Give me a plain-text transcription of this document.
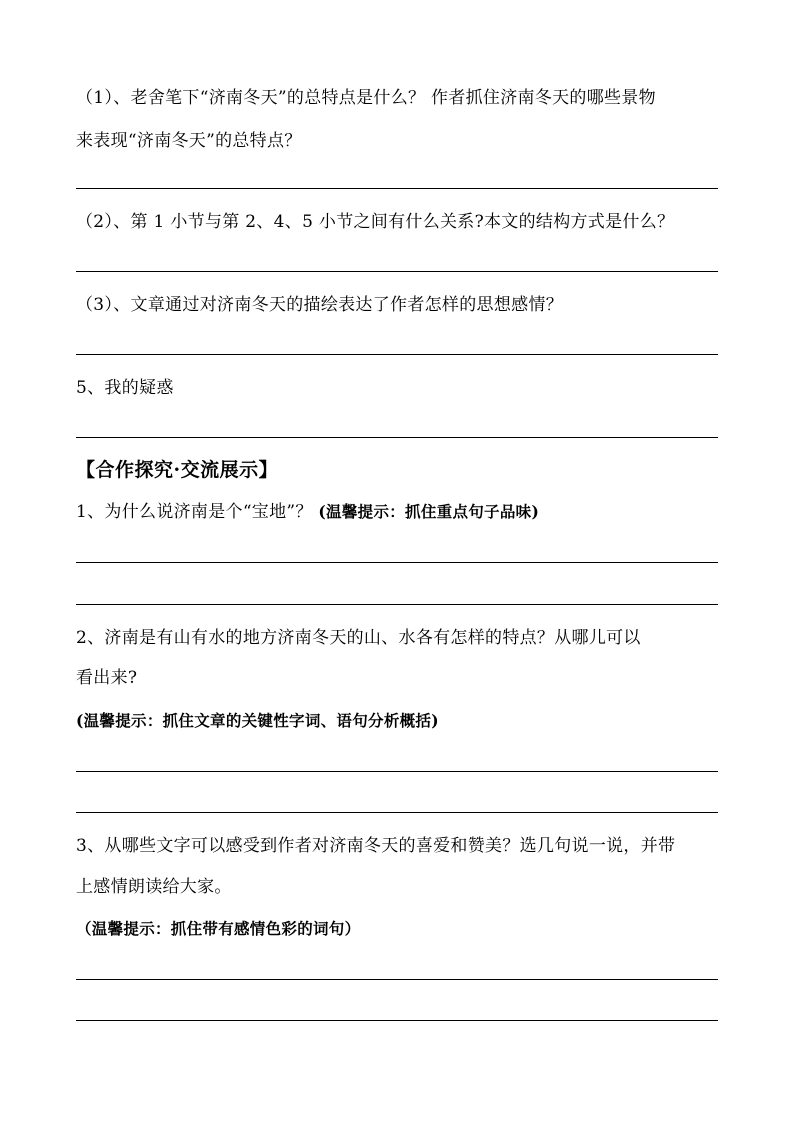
（1）、老舍笔下“济南冬天”的总特点是什么？ 作者抓住济南冬天的哪些景物
来表现“济南冬天”的总特点？
（2）、第 1 小节与第 2、4、5 小节之间有什么关系?本文的结构方式是什么？
（3）、文章通过对济南冬天的描绘表达了作者怎样的思想感情？
5、我的疑惑
【合作探究·交流展示】
1、为什么说济南是个“宝地”？ (温馨提示：抓住重点句子品味)
2、济南是有山有水的地方济南冬天的山、水各有怎样的特点？从哪儿可以
看出来?
(温馨提示：抓住文章的关键性字词、语句分析概括)
3、从哪些文字可以感受到作者对济南冬天的喜爱和赞美？选几句说一说，并带
上感情朗读给大家。
（温馨提示：抓住带有感情色彩的词句）
